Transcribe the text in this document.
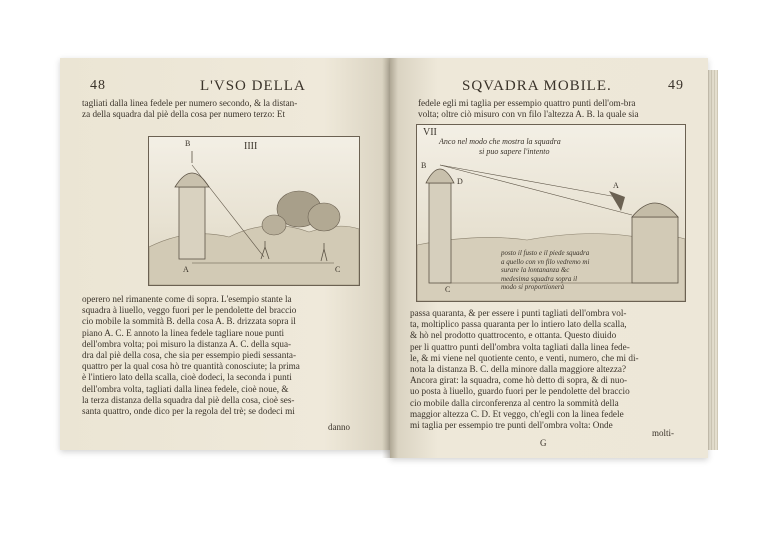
48	L'VSO DELLA
tagliati dalla linea fedele per numero secondo, & la distan-
za della squadra dal piè della cosa per numero terzo: Et
IIII
B
A	C
operero nel rimanente come di sopra. L'esempio stante la
squadra à liuello, veggo fuori per le pendolette del braccio
cio mobile la sommità B. della cosa A. B. drizzata sopra il
piano A. C. E annoto la linea fedele tagliare noue punti
dell'ombra volta; poi misuro la distanza A. C. della squa-
dra dal piè della cosa, che sia per essempio piedi sessanta-
quattro per la qual cosa hò tre quantità conosciute; la prima
è l'intiero lato della scalla, cioè dodeci, la seconda i punti
dell'ombra volta, tagliati dalla linea fedele, cioè noue, &
la terza distanza della squadra dal piè della cosa, cioè ses-
santa quattro, onde dico per la regola del trè; se dodeci mi
danno
SQVADRA MOBILE.	49
fedele egli mi taglia per essempio quattro punti dell'om-bra
volta; oltre ciò misuro con vn filo l'altezza A. B. la quale sia
VII
Anco nel modo che mostra la squadra
si puo sapere l'intento
B
D	A
C
posto il fusto e il piede squadra
a quello con vn filo vedremo mi
surare la lontananza &c
medesima squadra sopra il
modo si proportionerà
passa quaranta, & per essere i punti tagliati dell'ombra vol-
ta, moltiplico passa quaranta per lo intiero lato della scalla,
& hò nel prodotto quattrocento, e ottanta. Questo diuido
per li quattro punti dell'ombra volta tagliati dalla linea fede-
le, & mi viene nel quotiente cento, e venti, numero, che mi di-
nota la distanza B. C. della minore dalla maggiore altezza?
Ancora girat: la squadra, come hò detto di sopra, & di nuo-
uo posta à liuello, guardo fuori per le pendolette del braccio
cio mobile dalla circonferenza al centro la sommità della
maggior altezza C. D. Et veggo, ch'egli con la linea fedele
mi taglia per essempio tre punti dell'ombra volta: Onde
G
molti-
